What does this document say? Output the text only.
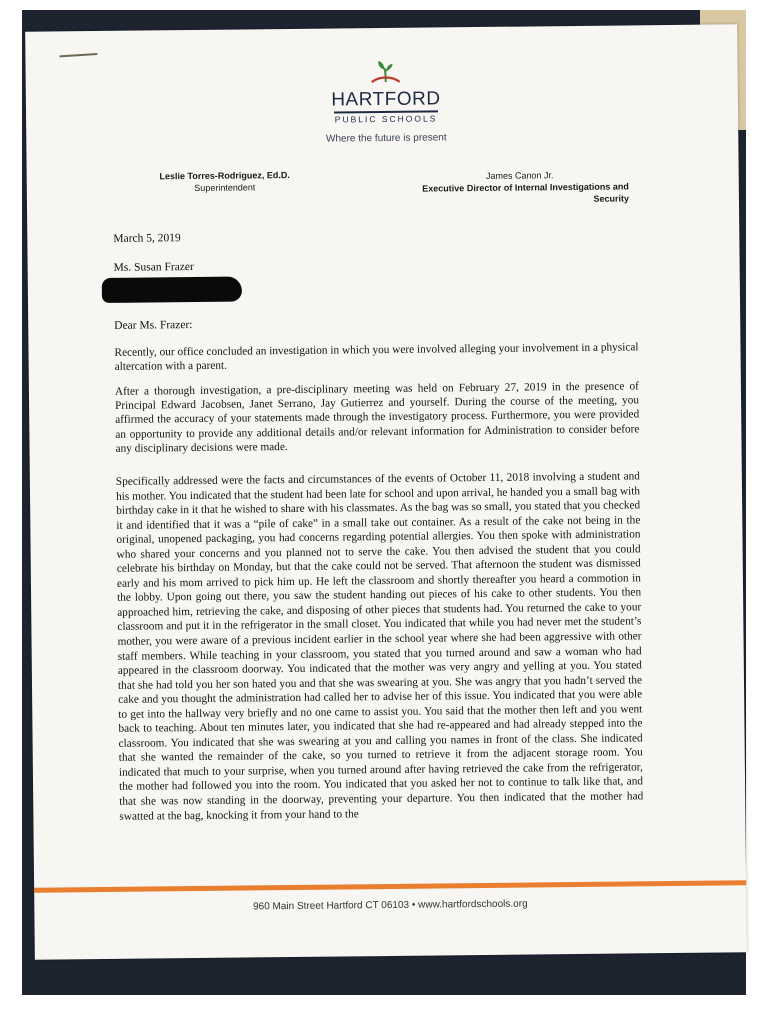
HARTFORD
PUBLIC SCHOOLS
Where the future is present
Leslie Torres-Rodriguez, Ed.D.
Superintendent
James Canon Jr.
Executive Director of Internal Investigations and Security
March 5, 2019
Ms. Susan Frazer
Dear Ms. Frazer:
Recently, our office concluded an investigation in which you were involved alleging your involvement in a physical altercation with a parent.
After a thorough investigation, a pre-disciplinary meeting was held on February 27, 2019 in the presence of Principal Edward Jacobsen, Janet Serrano, Jay Gutierrez and yourself. During the course of the meeting, you affirmed the accuracy of your statements made through the investigatory process. Furthermore, you were provided an opportunity to provide any additional details and/or relevant information for Administration to consider before any disciplinary decisions were made.
Specifically addressed were the facts and circumstances of the events of October 11, 2018 involving a student and his mother. You indicated that the student had been late for school and upon arrival, he handed you a small bag with birthday cake in it that he wished to share with his classmates. As the bag was so small, you stated that you checked it and identified that it was a “pile of cake” in a small take out container. As a result of the cake not being in the original, unopened packaging, you had concerns regarding potential allergies. You then spoke with administration who shared your concerns and you planned not to serve the cake. You then advised the student that you could celebrate his birthday on Monday, but that the cake could not be served. That afternoon the student was dismissed early and his mom arrived to pick him up. He left the classroom and shortly thereafter you heard a commotion in the lobby. Upon going out there, you saw the student handing out pieces of his cake to other students. You then approached him, retrieving the cake, and disposing of other pieces that students had. You returned the cake to your classroom and put it in the refrigerator in the small closet. You indicated that while you had never met the student’s mother, you were aware of a previous incident earlier in the school year where she had been aggressive with other staff members. While teaching in your classroom, you stated that you turned around and saw a woman who had appeared in the classroom doorway. You indicated that the mother was very angry and yelling at you. You stated that she had told you her son hated you and that she was swearing at you. She was angry that you hadn’t served the cake and you thought the administration had called her to advise her of this issue. You indicated that you were able to get into the hallway very briefly and no one came to assist you. You said that the mother then left and you went back to teaching. About ten minutes later, you indicated that she had re-appeared and had already stepped into the classroom. You indicated that she was swearing at you and calling you names in front of the class. She indicated that she wanted the remainder of the cake, so you turned to retrieve it from the adjacent storage room. You indicated that much to your surprise, when you turned around after having retrieved the cake from the refrigerator, the mother had followed you into the room. You indicated that you asked her not to continue to talk like that, and that she was now standing in the doorway, preventing your departure. You then indicated that the mother had swatted at the bag, knocking it from your hand to the
960 Main Street Hartford CT 06103 • www.hartfordschools.org
